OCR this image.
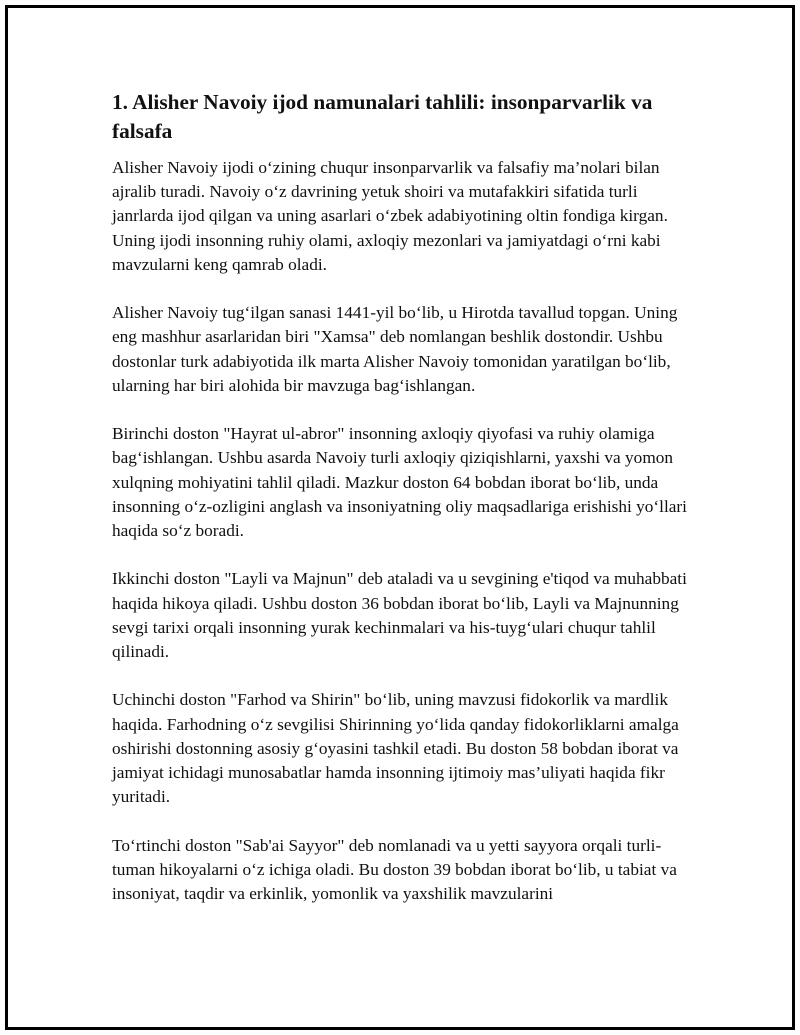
1. Alisher Navoiy ijod namunalari tahlili: insonparvarlik va falsafa

Alisher Navoiy ijodi o‘zining chuqur insonparvarlik va falsafiy ma’nolari bilan ajralib turadi. Navoiy o‘z davrining yetuk shoiri va mutafakkiri sifatida turli janrlarda ijod qilgan va uning asarlari o‘zbek adabiyotining oltin fondiga kirgan. Uning ijodi insonning ruhiy olami, axloqiy mezonlari va jamiyatdagi o‘rni kabi mavzularni keng qamrab oladi.

Alisher Navoiy tug‘ilgan sanasi 1441-yil bo‘lib, u Hirotda tavallud topgan. Uning eng mashhur asarlaridan biri "Xamsa" deb nomlangan beshlik dostondir. Ushbu dostonlar turk adabiyotida ilk marta Alisher Navoiy tomonidan yaratilgan bo‘lib, ularning har biri alohida bir mavzuga bag‘ishlangan.

Birinchi doston "Hayrat ul-abror" insonning axloqiy qiyofasi va ruhiy olamiga bag‘ishlangan. Ushbu asarda Navoiy turli axloqiy qiziqishlarni, yaxshi va yomon xulqning mohiyatini tahlil qiladi. Mazkur doston 64 bobdan iborat bo‘lib, unda insonning o‘z-ozligini anglash va insoniyatning oliy maqsadlariga erishishi yo‘llari haqida so‘z boradi.

Ikkinchi doston "Layli va Majnun" deb ataladi va u sevgining e'tiqod va muhabbati haqida hikoya qiladi. Ushbu doston 36 bobdan iborat bo‘lib, Layli va Majnunning sevgi tarixi orqali insonning yurak kechinmalari va his-tuyg‘ulari chuqur tahlil qilinadi.

Uchinchi doston "Farhod va Shirin" bo‘lib, uning mavzusi fidokorlik va mardlik haqida. Farhodning o‘z sevgilisi Shirinning yo‘lida qanday fidokorliklarni amalga oshirishi dostonning asosiy g‘oyasini tashkil etadi. Bu doston 58 bobdan iborat va jamiyat ichidagi munosabatlar hamda insonning ijtimoiy mas’uliyati haqida fikr yuritadi.

To‘rtinchi doston "Sab'ai Sayyor" deb nomlanadi va u yetti sayyora orqali turli-tuman hikoyalarni o‘z ichiga oladi. Bu doston 39 bobdan iborat bo‘lib, u tabiat va insoniyat, taqdir va erkinlik, yomonlik va yaxshilik mavzularini
